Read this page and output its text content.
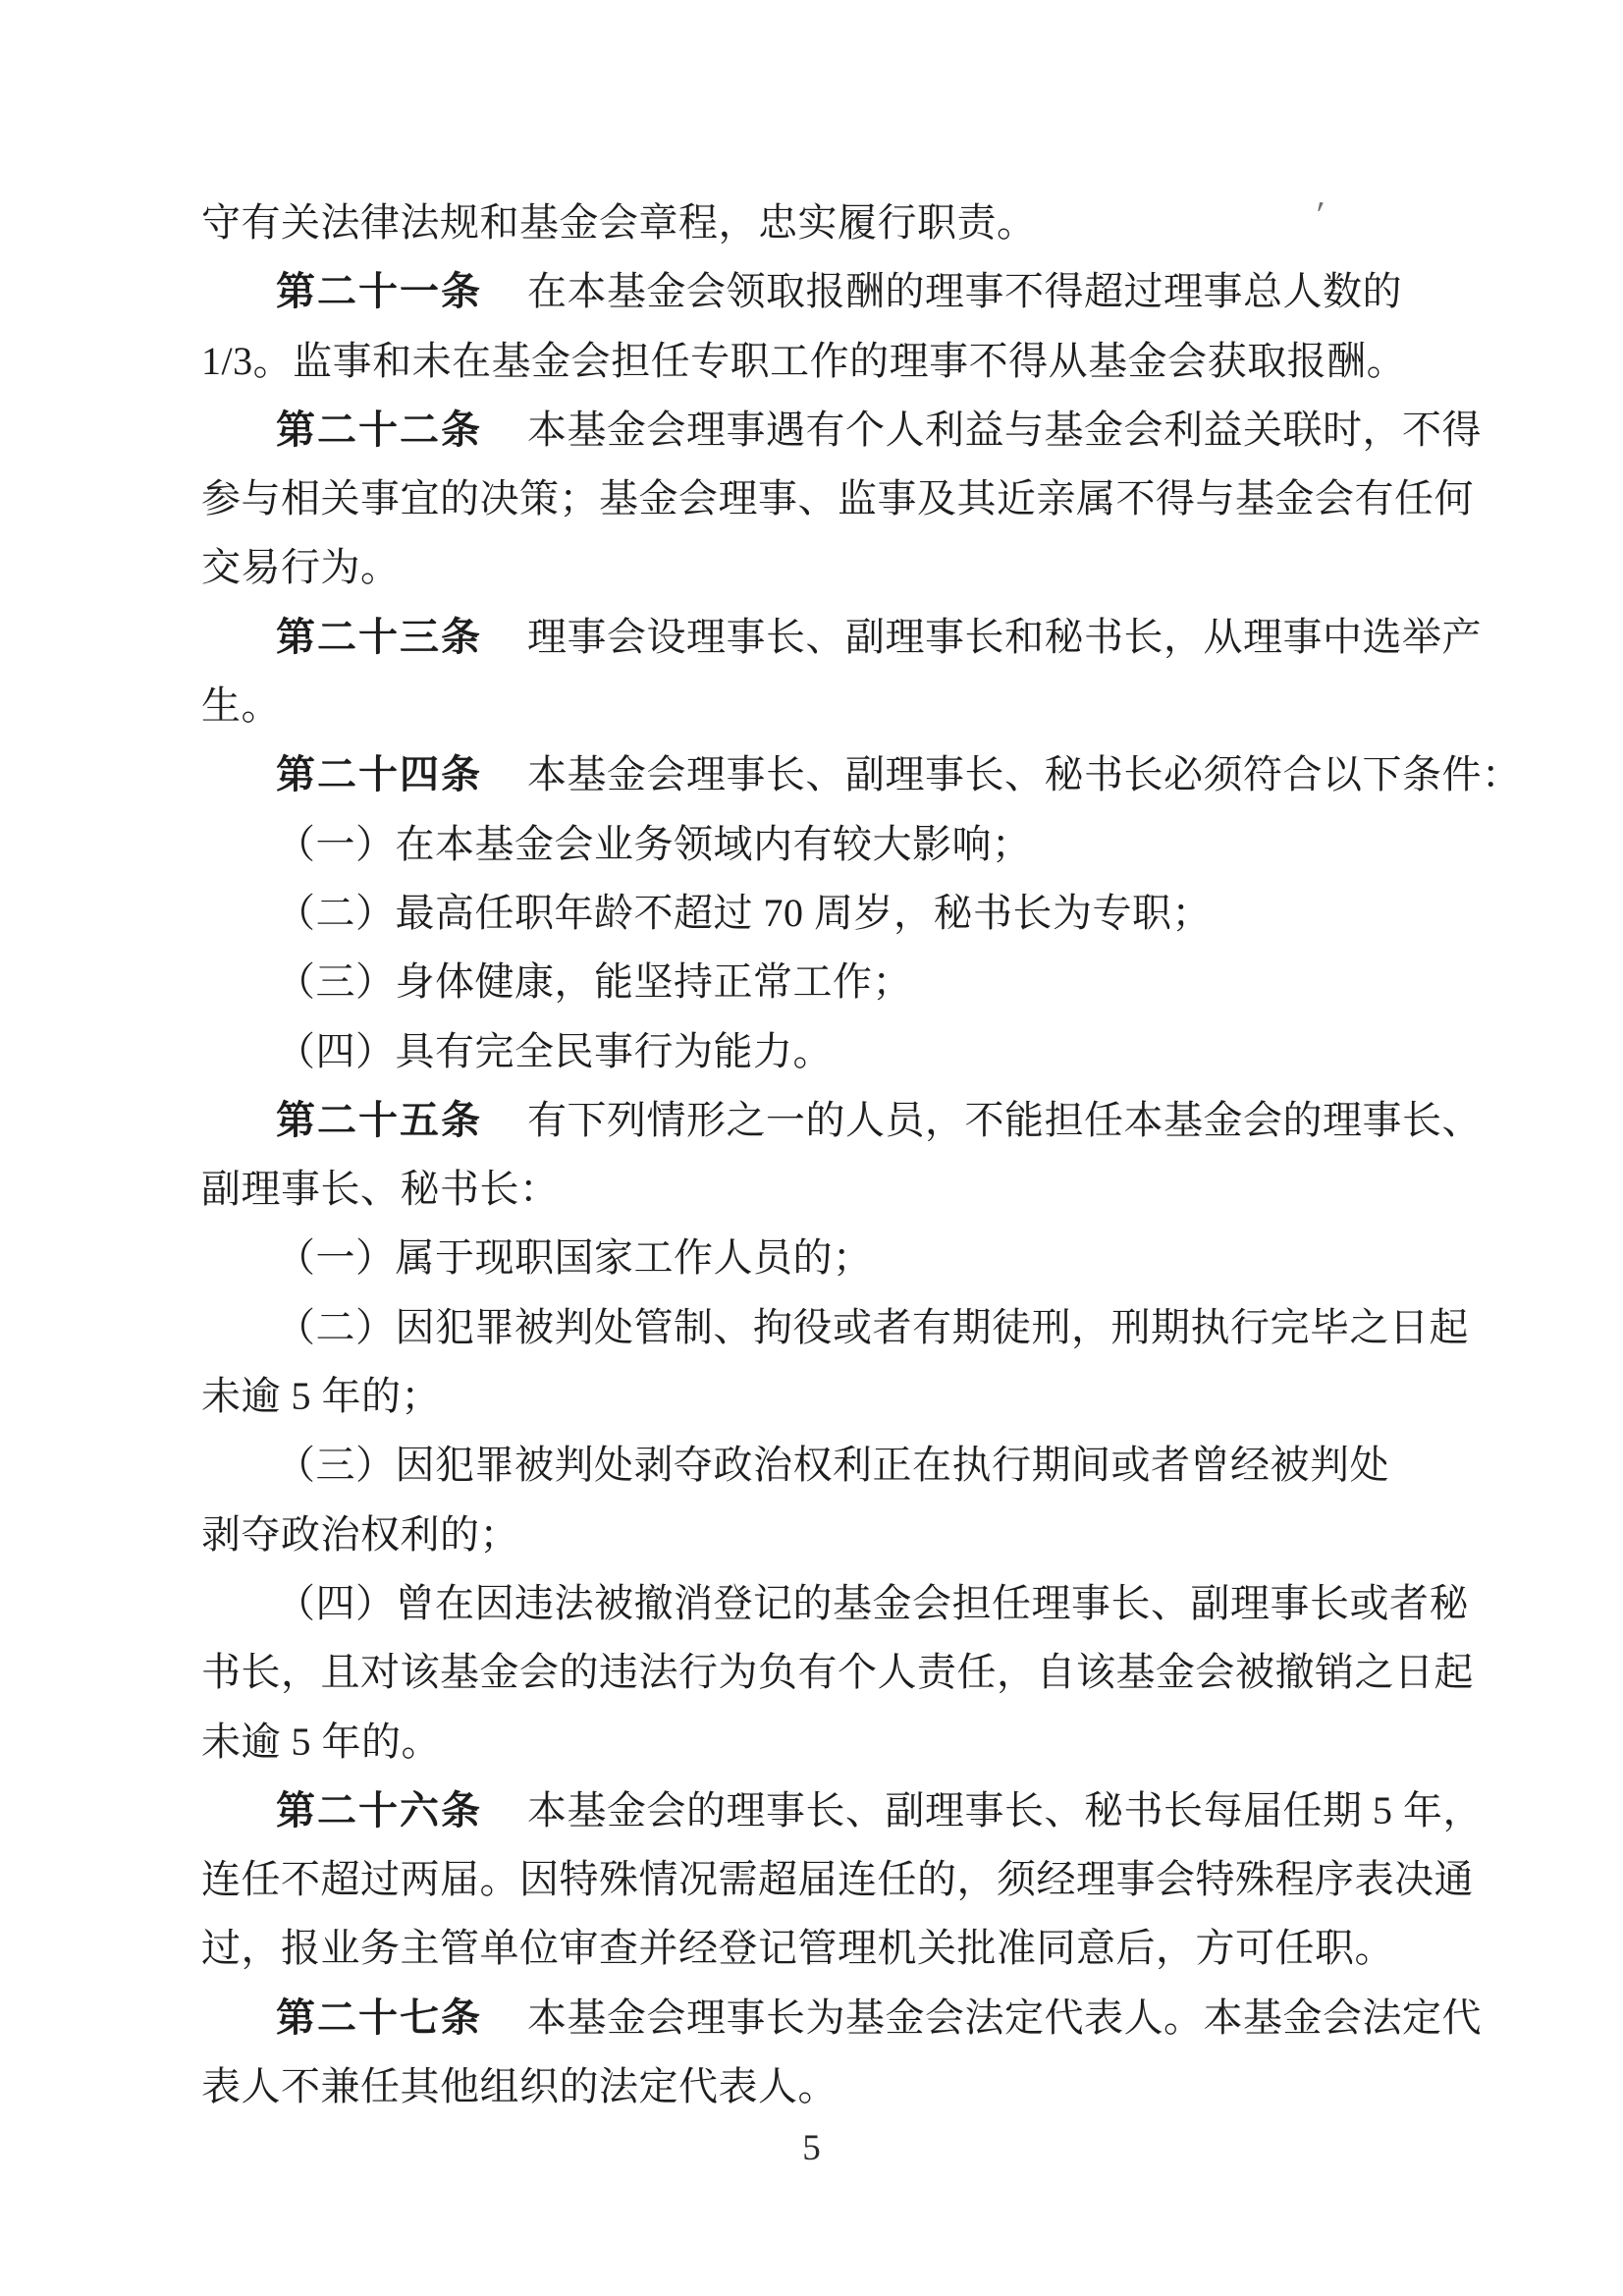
′
守有关法律法规和基金会章程，忠实履行职责。
第二十一条 在本基金会领取报酬的理事不得超过理事总人数的
1/3。监事和未在基金会担任专职工作的理事不得从基金会获取报酬。
第二十二条 本基金会理事遇有个人利益与基金会利益关联时，不得
参与相关事宜的决策；基金会理事、监事及其近亲属不得与基金会有任何
交易行为。
第二十三条 理事会设理事长、副理事长和秘书长，从理事中选举产
生。
第二十四条 本基金会理事长、副理事长、秘书长必须符合以下条件：
（一）在本基金会业务领域内有较大影响；
（二）最高任职年龄不超过 70 周岁，秘书长为专职；
（三）身体健康，能坚持正常工作；
（四）具有完全民事行为能力。
第二十五条 有下列情形之一的人员，不能担任本基金会的理事长、
副理事长、秘书长：
（一）属于现职国家工作人员的；
（二）因犯罪被判处管制、拘役或者有期徒刑，刑期执行完毕之日起
未逾 5 年的；
（三）因犯罪被判处剥夺政治权利正在执行期间或者曾经被判处
剥夺政治权利的；
（四）曾在因违法被撤消登记的基金会担任理事长、副理事长或者秘
书长，且对该基金会的违法行为负有个人责任，自该基金会被撤销之日起
未逾 5 年的。
第二十六条 本基金会的理事长、副理事长、秘书长每届任期 5 年，
连任不超过两届。因特殊情况需超届连任的，须经理事会特殊程序表决通
过，报业务主管单位审查并经登记管理机关批准同意后，方可任职。
第二十七条 本基金会理事长为基金会法定代表人。本基金会法定代
表人不兼任其他组织的法定代表人。
5
